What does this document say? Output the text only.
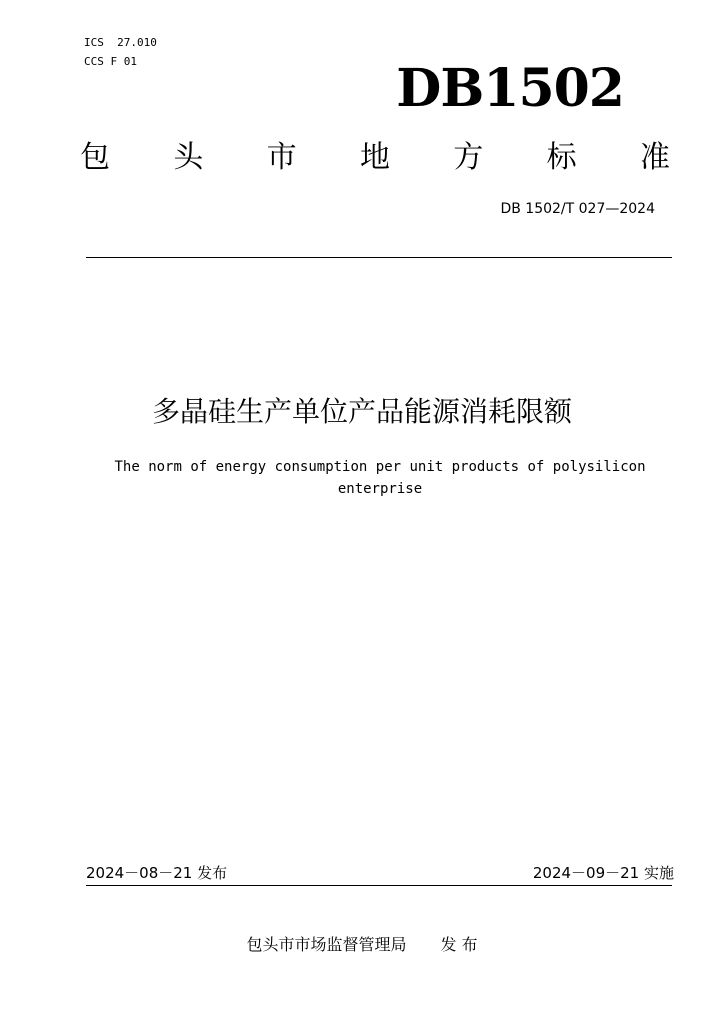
ICS  27.010
CCS F 01	DB1502
包 头 市 地 方 标 准
DB 1502/T 027—2024
多晶硅生产单位产品能源消耗限额
The norm of energy consumption per unit products of polysilicon enterprise
2024－08－21 发布	2024－09－21 实施
包头市市场监督管理局 发 布
